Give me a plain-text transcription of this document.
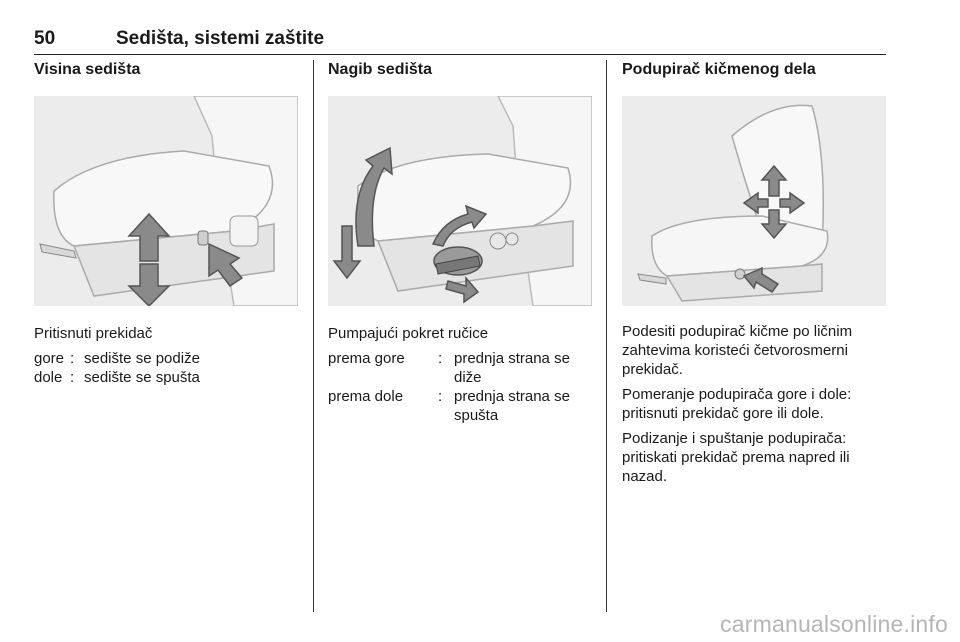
50	Sedišta, sistemi zaštite
Visina sedišta

Pritisnuti prekidač

gore : sedište se podiže
dole : sedište se spušta
Nagib sedišta

Pumpajući pokret ručice

prema gore	: prednja strana se diže
prema dole	: prednja strana se spušta
Podupirač kičmenog dela

Podesiti podupirač kičme po ličnim zahtevima koristeći četvorosmerni prekidač.

Pomeranje podupirača gore i dole: pritisnuti prekidač gore ili dole.

Podizanje i spuštanje podupirača: pritiskati prekidač prema napred ili nazad.

carmanualsonline.info
